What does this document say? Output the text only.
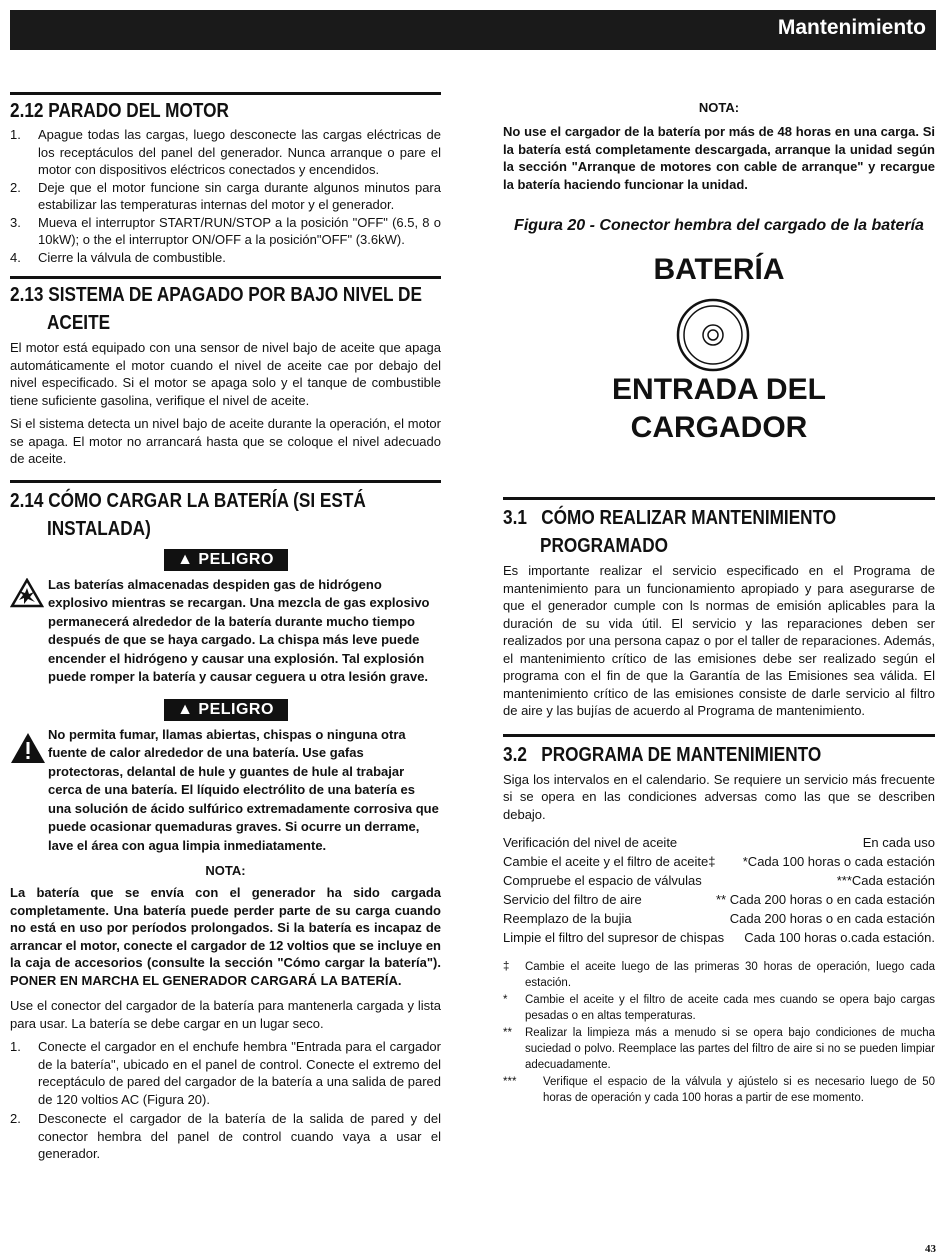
Mantenimiento
2.12 PARADO DEL MOTOR
1.	Apague todas las cargas, luego desconecte las cargas eléctricas de los receptáculos del panel del generador. Nunca arranque o pare el motor con dispositivos eléctricos conectados y encendidos.
2.	Deje que el motor funcione sin carga durante algunos minutos para estabilizar las temperaturas internas del motor y el generador.
3.	Mueva el interruptor START/RUN/STOP a la posición "OFF" (6.5, 8 o 10kW); o the el interruptor ON/OFF a la posición"OFF" (3.6kW).
4.	Cierre la válvula de combustible.
2.13 SISTEMA DE APAGADO POR BAJO NIVEL DE
ACEITE

El motor está equipado con una sensor de nivel bajo de aceite que apaga automáticamente el motor cuando el nivel de aceite cae por debajo del nivel especificado. Si el motor se apaga solo y el tanque de combustible tiene suficiente gasolina, verifique el nivel de aceite.

Si el sistema detecta un nivel bajo de aceite durante la operación, el motor se apaga. El motor no arrancará hasta que se coloque el nivel adecuado de aceite.

2.14 CÓMO CARGAR LA BATERÍA (SI ESTÁ
INSTALADA)
▲ PELIGRO
Las baterías almacenadas despiden gas de hidrógeno explosivo mientras se recargan. Una mezcla de gas explosivo permanecerá alrededor de la batería durante mucho tiempo después de que se haya cargado. La chispa más leve puede encender el hidrógeno y causar una explosión. Tal explosión puede romper la batería y causar ceguera u otra lesión grave.
▲ PELIGRO
No permita fumar, llamas abiertas, chispas o ninguna otra fuente de calor alrededor de una batería. Use gafas protectoras, delantal de hule y guantes de hule al trabajar cerca de una batería. El líquido electrólito de una batería es una solución de ácido sulfúrico extremadamente corrosiva que puede ocasionar quemaduras graves. Si ocurre un derrame, lave el área con agua limpia inmediatamente.
NOTA:

La batería que se envía con el generador ha sido cargada completamente. Una batería puede perder parte de su carga cuando no está en uso por períodos prolongados. Si la batería es incapaz de arrancar el motor, conecte el cargador de 12 voltios que se incluye en la caja de accesorios (consulte la sección "Cómo cargar la batería"). PONER EN MARCHA EL GENERADOR CARGARÁ LA BATERÍA.

Use el conector del cargador de la batería para mantenerla cargada y lista para usar. La batería se debe cargar en un lugar seco.

1.	Conecte el cargador en el enchufe hembra "Entrada para el cargador de la batería", ubicado en el panel de control. Conecte el extremo del receptáculo de pared del cargador de la batería a una salida de pared de 120 voltios AC (Figura 20).
2.	Desconecte el cargador de la batería de la salida de pared y del conector hembra del panel de control cuando vaya a usar el generador.
NOTA:

No use el cargador de la batería por más de 48 horas en una carga. Si la batería está completamente descargada, arranque la unidad según la sección "Arranque de motores con cable de arranque" y recargue la batería haciendo funcionar la unidad.

Figura 20 - Conector hembra del cargado de la batería
BATERÍA
ENTRADA DEL
CARGADOR
3.1   CÓMO REALIZAR MANTENIMIENTO
PROGRAMADO

Es importante realizar el servicio especificado en el Programa de mantenimiento para un funcionamiento apropiado y para asegurarse de que el generador cumple con ls normas de emisión aplicables para la duración de su vida útil. El servicio y las reparaciones deben ser realizados por una persona capaz o por el taller de reparaciones. Además, el mantenimiento crítico de las emisiones debe ser realizado según el programa con el fin de que la Garantía de las Emisiones sea válida. El mantenimiento crítico de las emisiones consiste de darle servicio al filtro de aire y las bujías de acuerdo al Programa de mantenimiento.

3.2   PROGRAMA DE MANTENIMIENTO

Siga los intervalos en el calendario. Se requiere un servicio más frecuente si se opera en las condiciones adversas como las que se describen debajo.

Verificación del nivel de aceite	En cada uso
Cambie el aceite y el filtro de aceite‡ *Cada 100 horas o cada estación
Compruebe el espacio de válvulas	***Cada estación
Servicio del filtro de aire	** Cada 200 horas o en cada estación
Reemplazo de la bujia	Cada 200 horas o en cada estación
Limpie el filtro del supresor de chispas Cada 100 horas o.cada estación.
‡	Cambie el aceite luego de las primeras 30 horas de operación, luego cada estación.
*	Cambie el aceite y el filtro de aceite cada mes cuando se opera bajo cargas pesadas o en altas temperaturas.
**	Realizar la limpieza más a menudo si se opera bajo condiciones de mucha suciedad o polvo. Reemplace las partes del filtro de aire si no se pueden limpiar adecuadamente.
***	Verifique el espacio de la válvula y ajústelo si es necesario luego de 50 horas de operación y cada 100 horas a partir de ese momento.
43
